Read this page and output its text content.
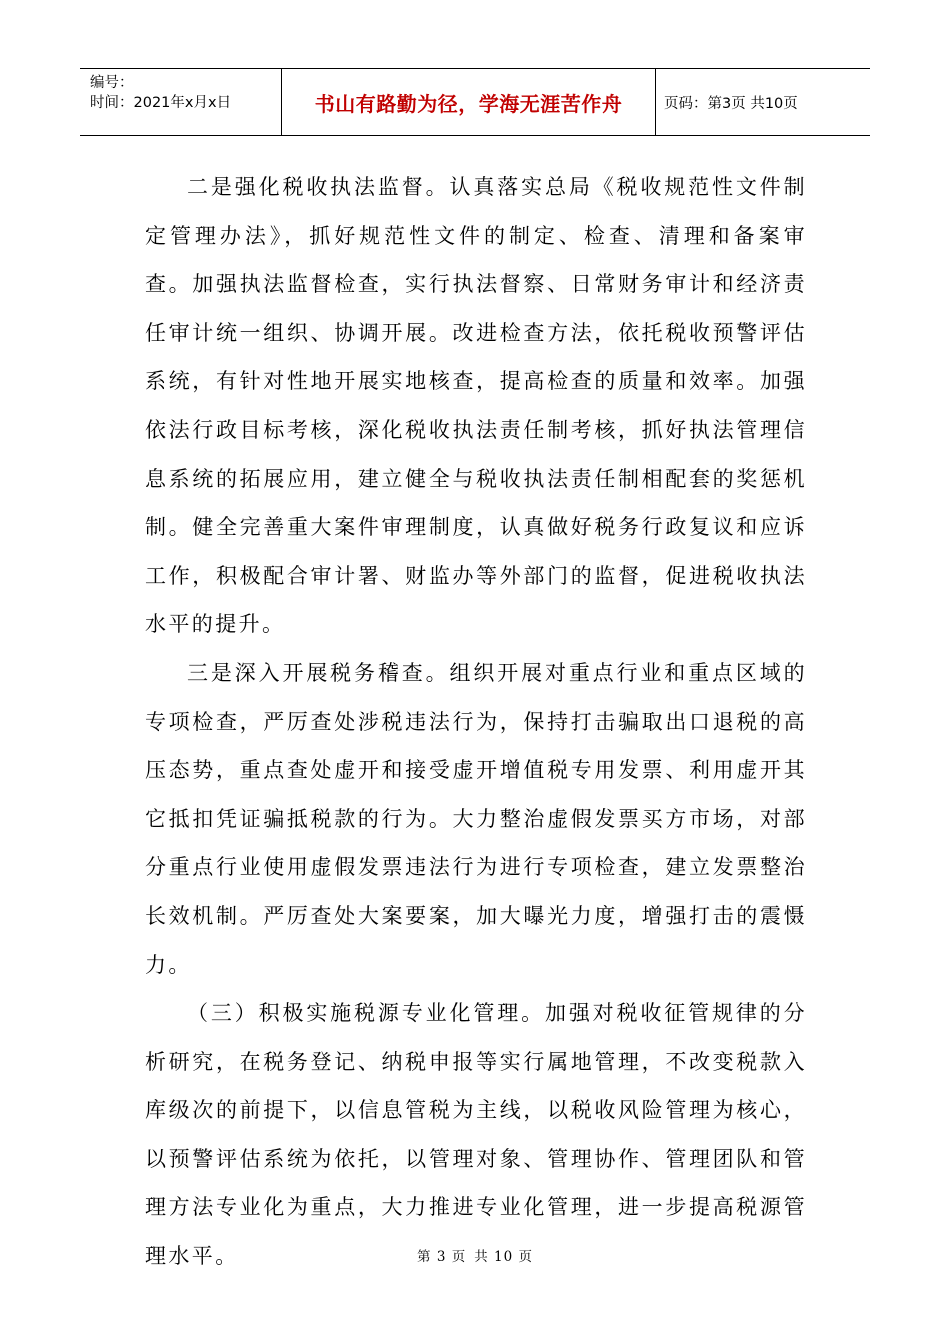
编号：
时间：2021年x月x日	书山有路勤为径，学海无涯苦作舟	页码：第3页 共10页

二是强化税收执法监督。认真落实总局《税收规范性文件制定管理办法》，抓好规范性文件的制定、检查、清理和备案审查。加强执法监督检查，实行执法督察、日常财务审计和经济责任审计统一组织、协调开展。改进检查方法，依托税收预警评估系统，有针对性地开展实地核查，提高检查的质量和效率。加强依法行政目标考核，深化税收执法责任制考核，抓好执法管理信息系统的拓展应用，建立健全与税收执法责任制相配套的奖惩机制。健全完善重大案件审理制度，认真做好税务行政复议和应诉工作，积极配合审计署、财监办等外部门的监督，促进税收执法水平的提升。

三是深入开展税务稽查。组织开展对重点行业和重点区域的专项检查，严厉查处涉税违法行为，保持打击骗取出口退税的高压态势，重点查处虚开和接受虚开增值税专用发票、利用虚开其它抵扣凭证骗抵税款的行为。大力整治虚假发票买方市场，对部分重点行业使用虚假发票违法行为进行专项检查，建立发票整治长效机制。严厉查处大案要案，加大曝光力度，增强打击的震慑力。

（三）积极实施税源专业化管理。加强对税收征管规律的分析研究，在税务登记、纳税申报等实行属地管理，不改变税款入库级次的前提下，以信息管税为主线，以税收风险管理为核心，以预警评估系统为依托，以管理对象、管理协作、管理团队和管理方法专业化为重点，大力推进专业化管理，进一步提高税源管理水平。	第 3 页 共 10 页
